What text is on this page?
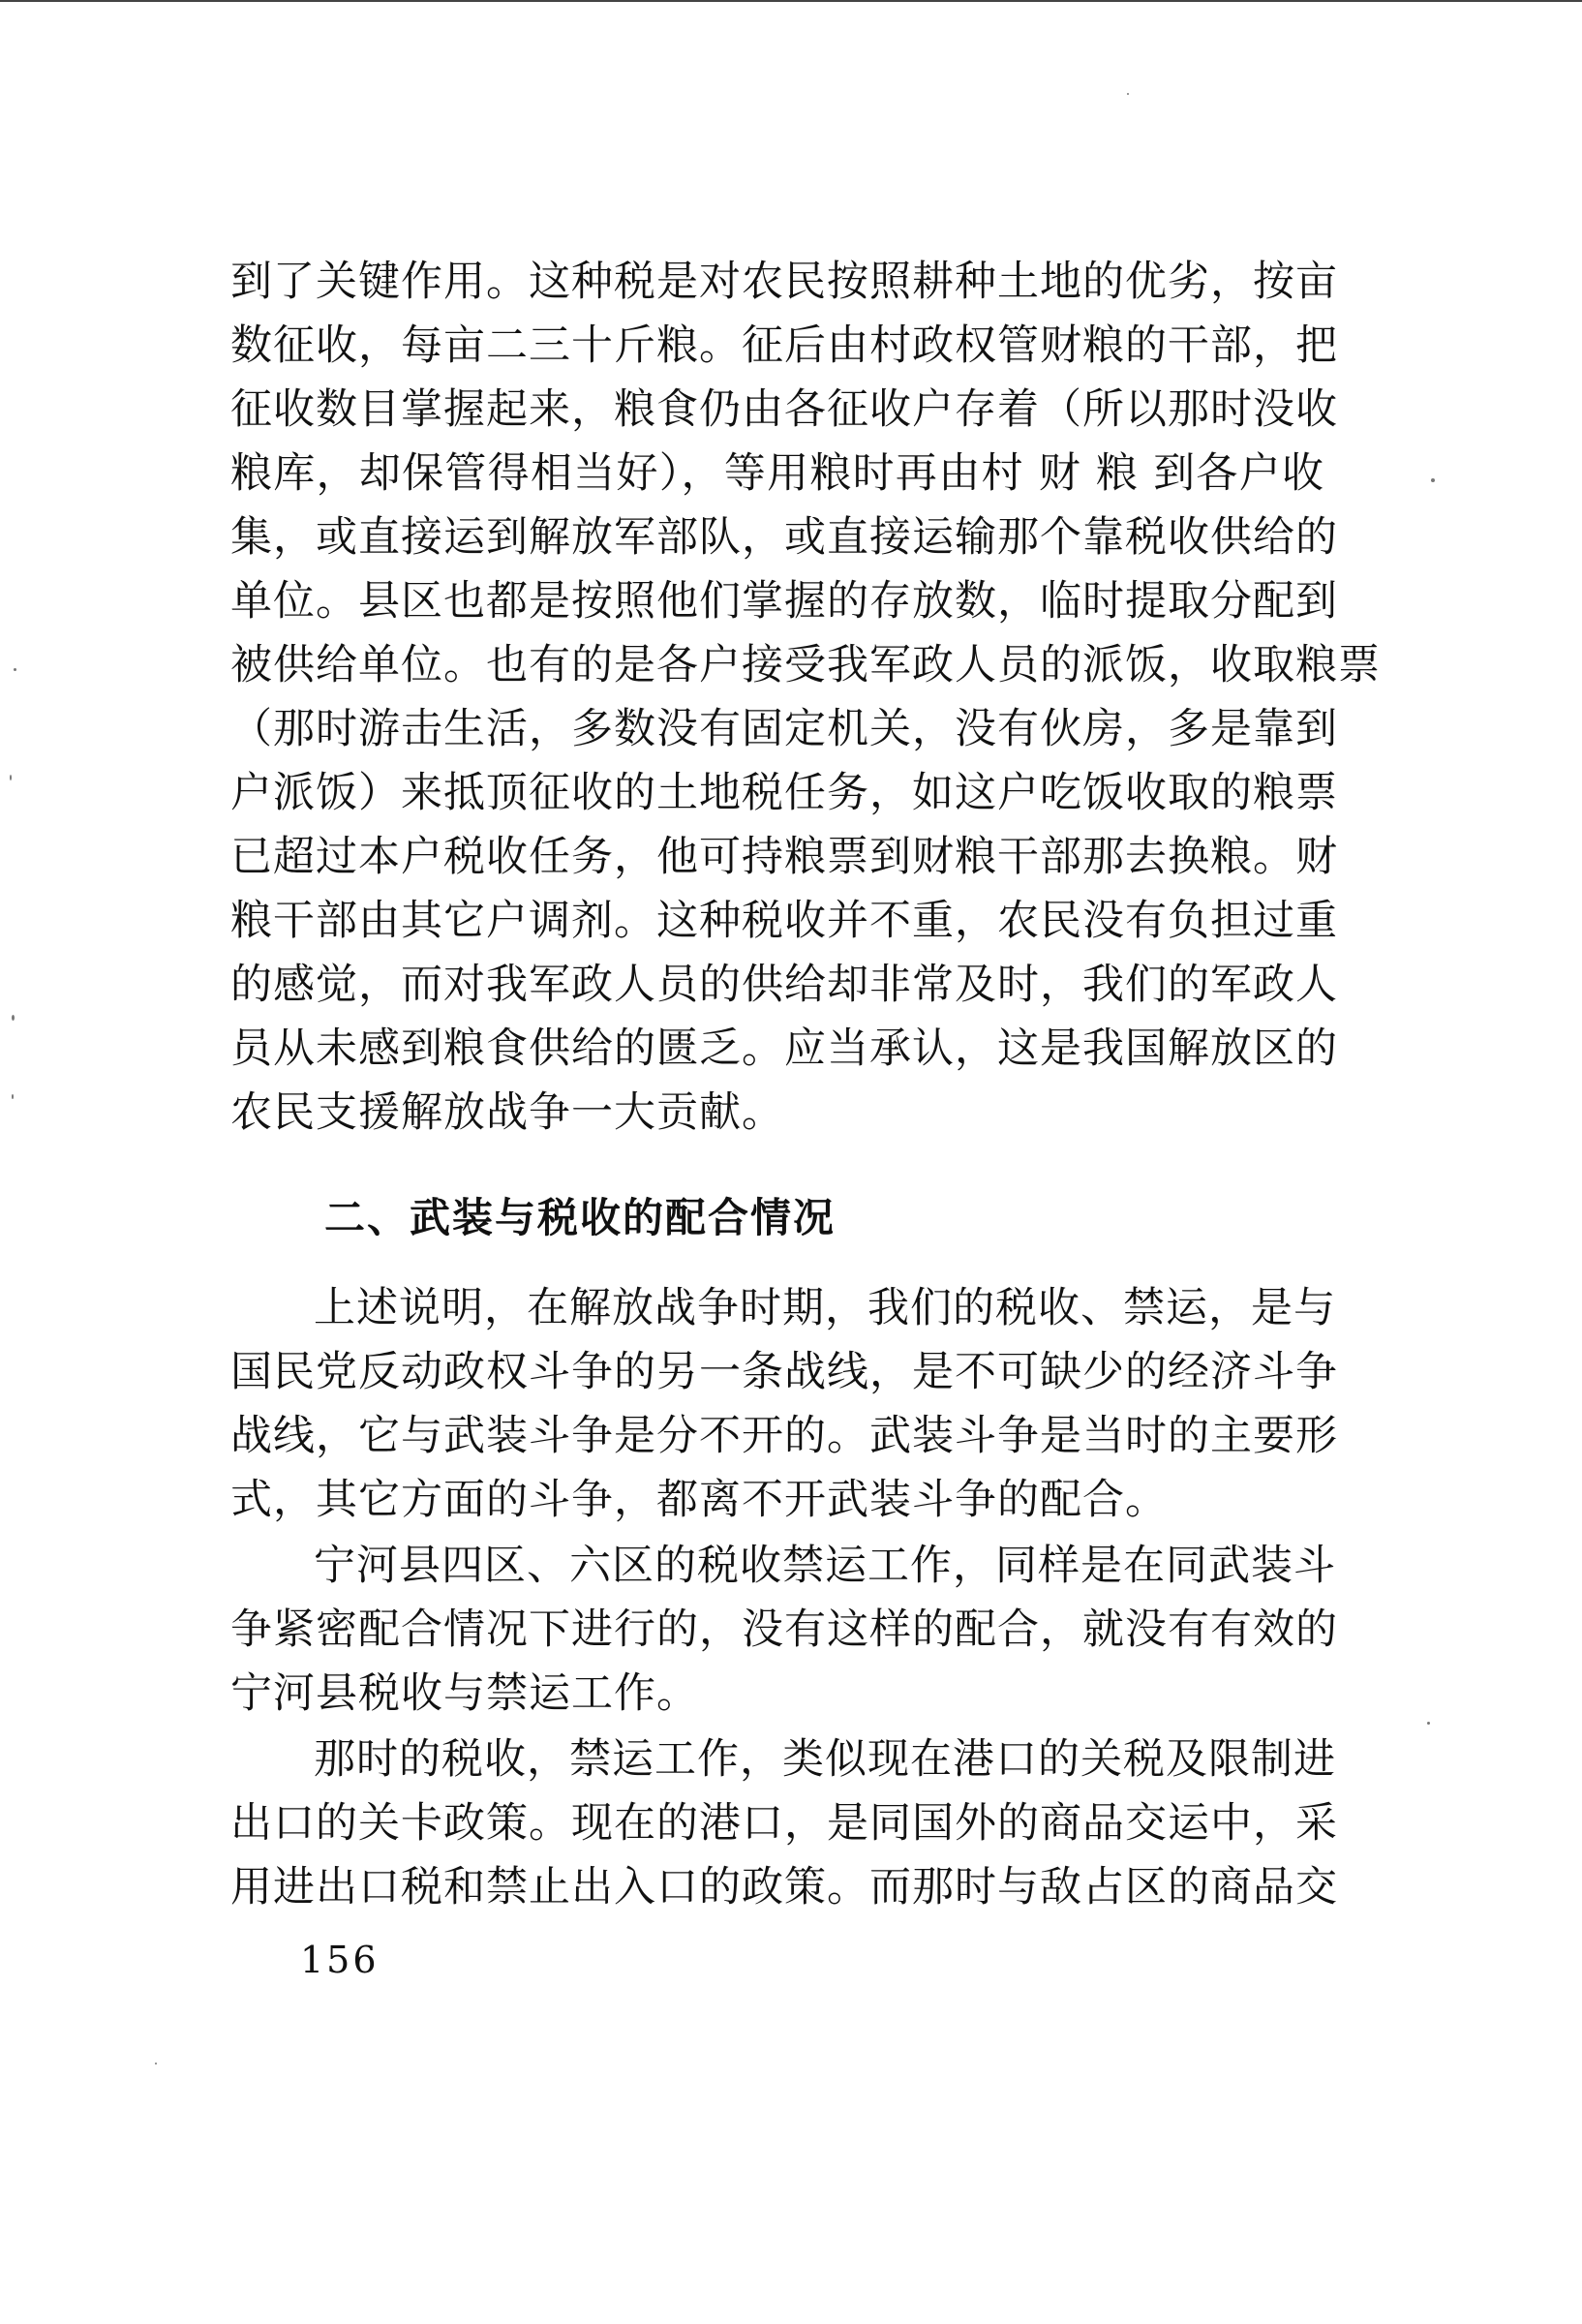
到了关键作用。这种税是对农民按照耕种土地的优劣，按亩
数征收，每亩二三十斤粮。征后由村政权管财粮的干部，把
征收数目掌握起来，粮食仍由各征收户存着（所以那时没收
粮库，却保管得相当好），等用粮时再由村 财 粮 到各户收
集，或直接运到解放军部队，或直接运输那个靠税收供给的
单位。县区也都是按照他们掌握的存放数，临时提取分配到
被供给单位。也有的是各户接受我军政人员的派饭，收取粮票
（那时游击生活，多数没有固定机关，没有伙房，多是靠到
户派饭）来抵顶征收的土地税任务，如这户吃饭收取的粮票
已超过本户税收任务，他可持粮票到财粮干部那去换粮。财
粮干部由其它户调剂。这种税收并不重，农民没有负担过重
的感觉，而对我军政人员的供给却非常及时，我们的军政人
员从未感到粮食供给的匮乏。应当承认，这是我国解放区的
农民支援解放战争一大贡献。
二、武装与税收的配合情况
上述说明，在解放战争时期，我们的税收、禁运，是与
国民党反动政权斗争的另一条战线，是不可缺少的经济斗争
战线，它与武装斗争是分不开的。武装斗争是当时的主要形
式，其它方面的斗争，都离不开武装斗争的配合。
宁河县四区、六区的税收禁运工作，同样是在同武装斗
争紧密配合情况下进行的，没有这样的配合，就没有有效的
宁河县税收与禁运工作。
那时的税收，禁运工作，类似现在港口的关税及限制进
出口的关卡政策。现在的港口，是同国外的商品交运中，采
用进出口税和禁止出入口的政策。而那时与敌占区的商品交
156
